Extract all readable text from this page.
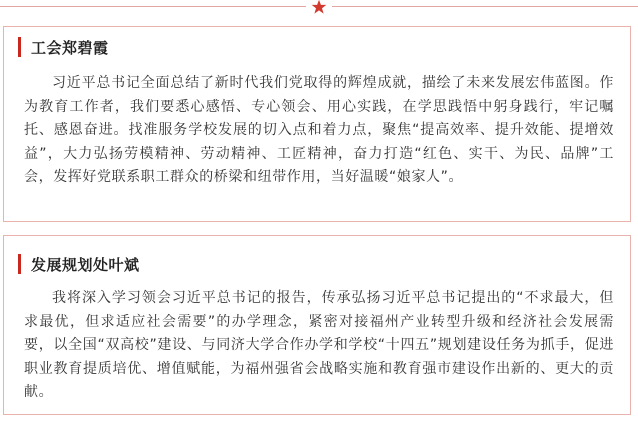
工会郑碧霞
习近平总书记全面总结了新时代我们党取得的辉煌成就，描绘了未来发展宏伟蓝图。作为教育工作者，我们要悉心感悟、专心领会、用心实践，在学思践悟中躬身践行，牢记嘱托、感恩奋进。找准服务学校发展的切入点和着力点，聚焦“提高效率、提升效能、提增效益”，大力弘扬劳模精神、劳动精神、工匠精神，奋力打造“红色、实干、为民、品牌”工会，发挥好党联系职工群众的桥梁和纽带作用，当好温暖“娘家人”。
发展规划处叶斌
我将深入学习领会习近平总书记的报告，传承弘扬习近平总书记提出的“不求最大，但求最优，但求适应社会需要”的办学理念，紧密对接福州产业转型升级和经济社会发展需要，以全国“双高校”建设、与同济大学合作办学和学校“十四五”规划建设任务为抓手，促进职业教育提质培优、增值赋能，为福州强省会战略实施和教育强市建设作出新的、更大的贡献。
